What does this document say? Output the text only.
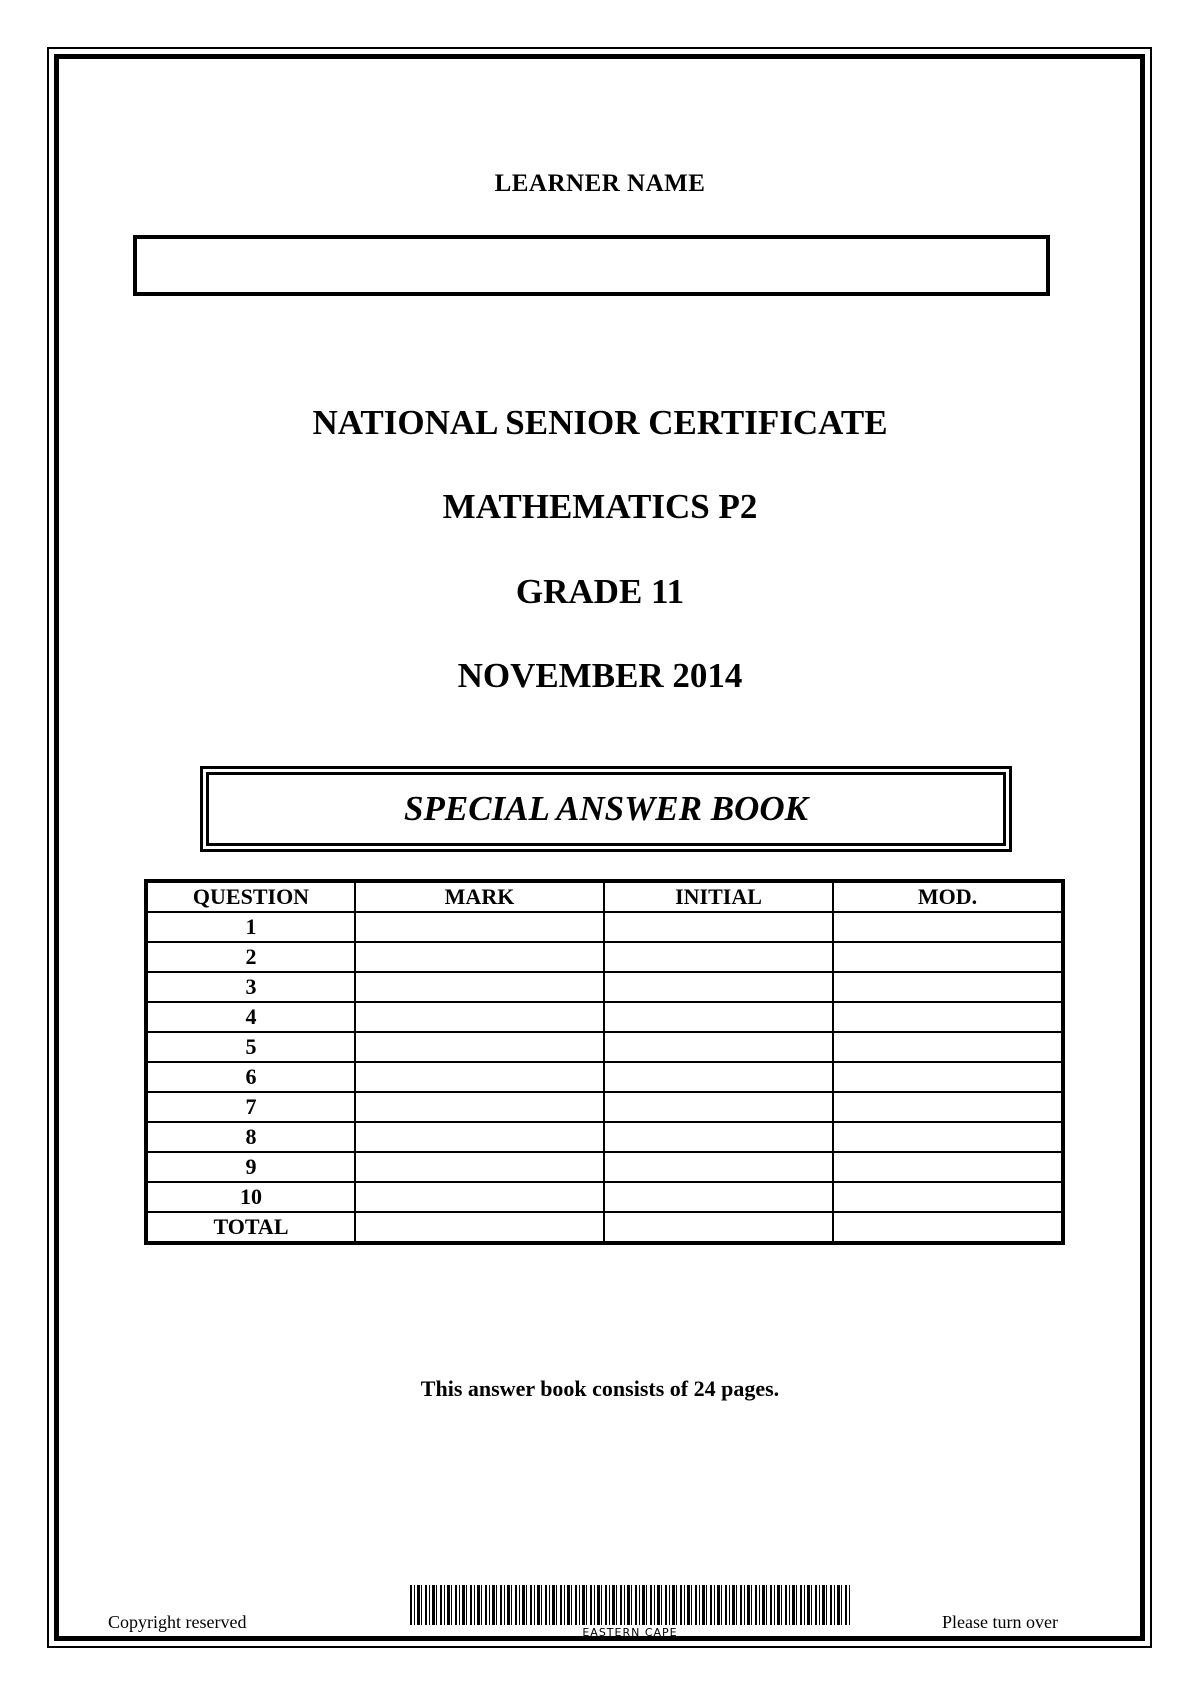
LEARNER NAME
NATIONAL SENIOR CERTIFICATE
MATHEMATICS P2
GRADE 11
NOVEMBER 2014
SPECIAL ANSWER BOOK
QUESTION	MARK	INITIAL	MOD.
1			
2			
3			
4			
5			
6			
7			
8			
9			
10			
TOTAL			
This answer book consists of 24 pages.
Copyright reserved
EASTERN CAPE
Please turn over
